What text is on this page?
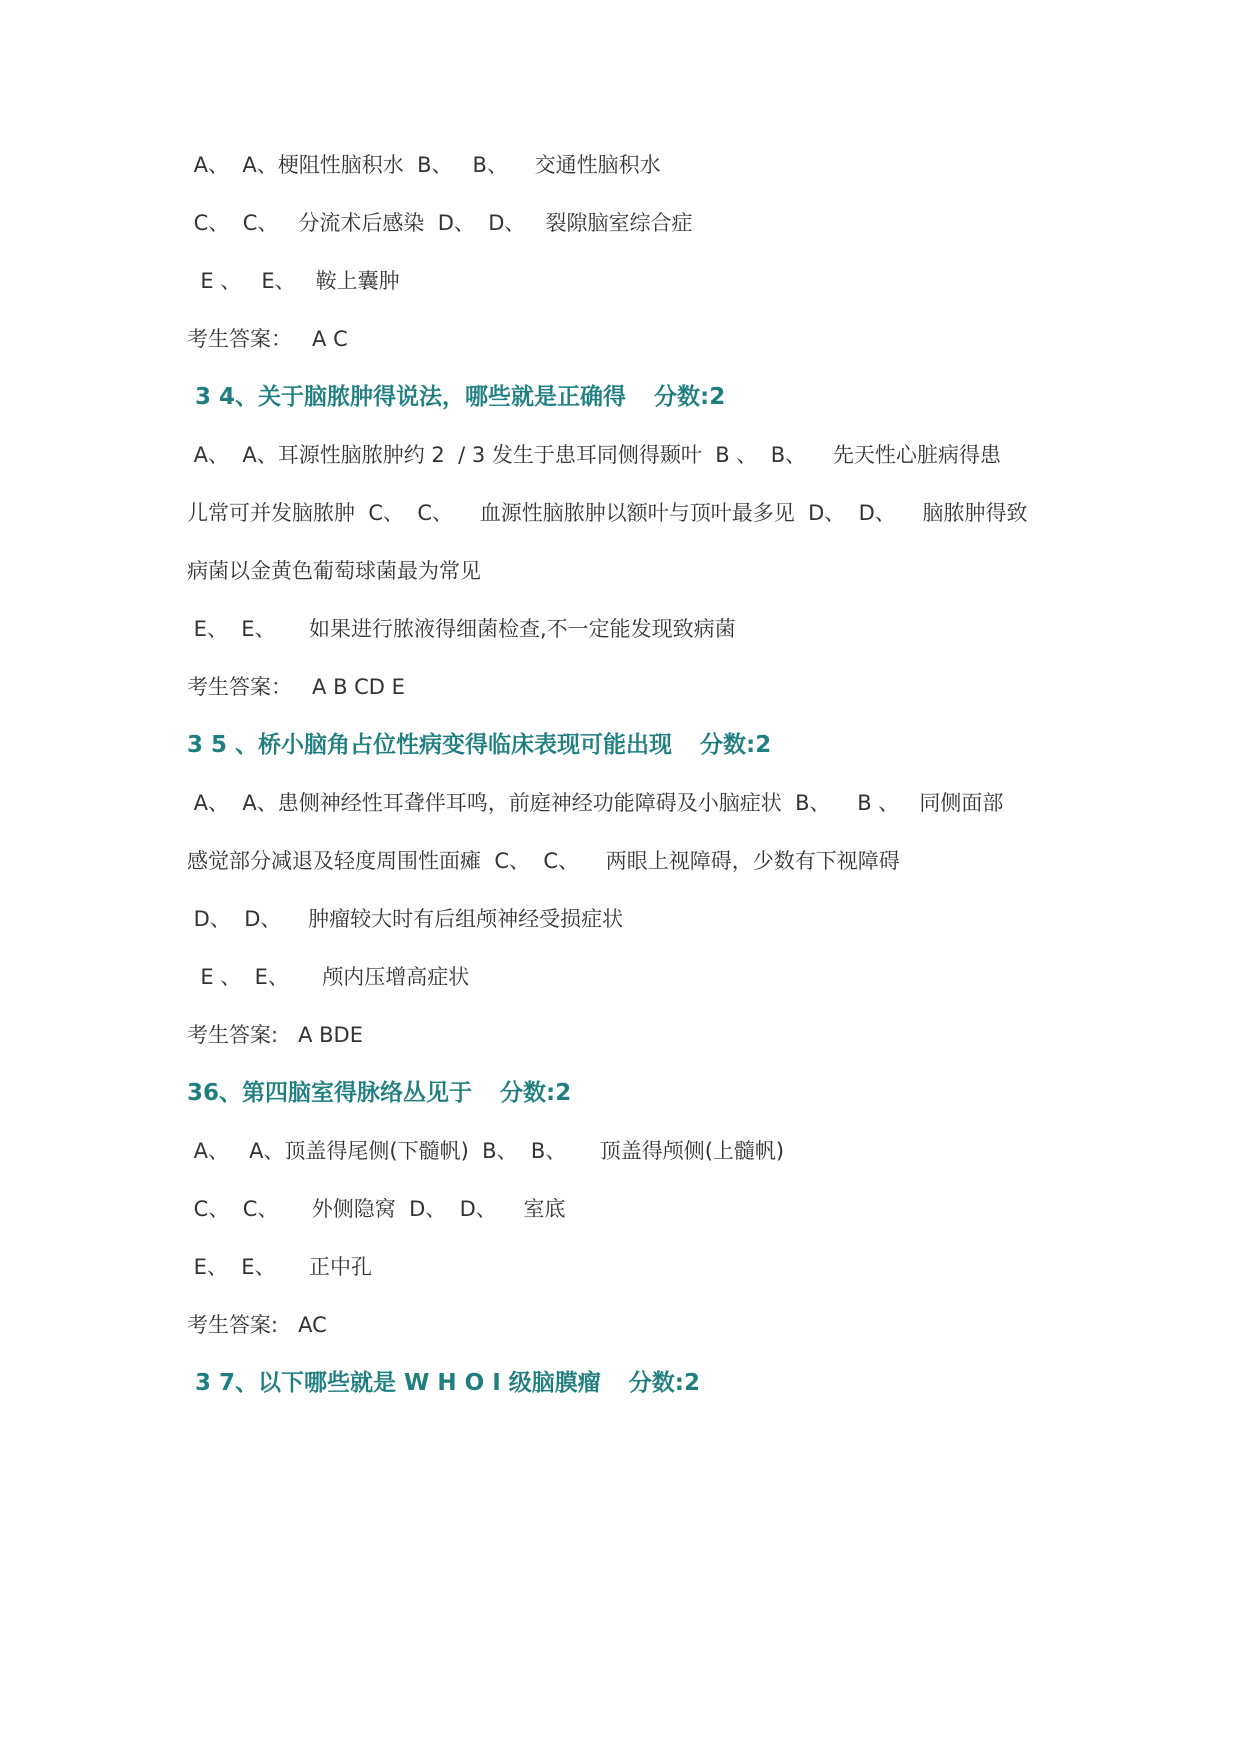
A、  A、梗阻性脑积水  B、   B、    交通性脑积水
C、  C、   分流术后感染  D、  D、   裂隙脑室综合症
E 、   E、   鞍上囊肿
考生答案：   A C
3 4、关于脑脓肿得说法，哪些就是正确得 分数:2
A、  A、耳源性脑脓肿约 2  / 3 发生于患耳同侧得颞叶  B 、  B、    先天性心脏病得患
儿常可并发脑脓肿  C、  C、    血源性脑脓肿以额叶与顶叶最多见  D、  D、    脑脓肿得致
病菌以金黄色葡萄球菌最为常见
E、  E、     如果进行脓液得细菌检查,不一定能发现致病菌
考生答案：   A B CD E
3 5 、桥小脑角占位性病变得临床表现可能出现 分数:2
A、  A、患侧神经性耳聋伴耳鸣，前庭神经功能障碍及小脑症状  B、    B 、   同侧面部
感觉部分减退及轻度周围性面瘫  C、  C、    两眼上视障碍，少数有下视障碍
D、  D、    肿瘤较大时有后组颅神经受损症状
E 、  E、     颅内压增高症状
考生答案:   A BDE
36、第四脑室得脉络丛见于 分数:2
A、   A、顶盖得尾侧(下髓帆)  B、  B、     顶盖得颅侧(上髓帆)
C、  C、     外侧隐窝  D、  D、    室底
E、  E、     正中孔
考生答案:   AC
3 7、以下哪些就是 W H O I 级脑膜瘤 分数:2
